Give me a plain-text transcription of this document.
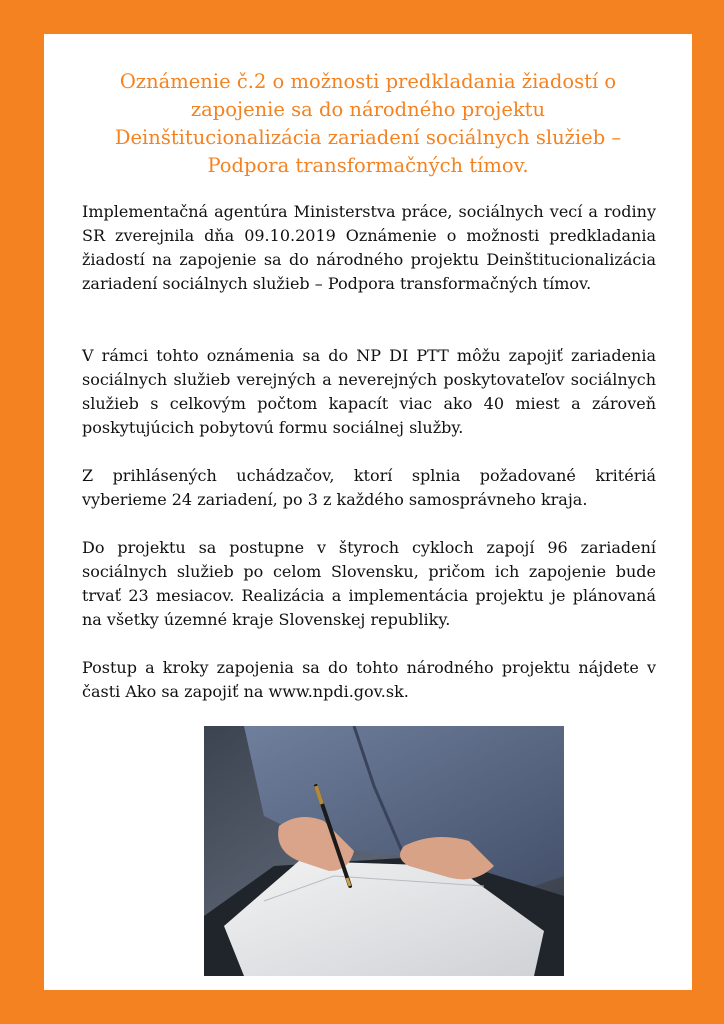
Oznámenie č.2 o možnosti predkladania žiadostí o zapojenie sa do národného projektu Deinštitucionalizácia zariadení sociálnych služieb – Podpora transformačných tímov.

Implementačná agentúra Ministerstva práce, sociálnych vecí a rodiny SR zverejnila dňa 09.10.2019 Oznámenie o možnosti predkladania žiadostí na zapojenie sa do národného projektu Deinštitucionalizácia zariadení sociálnych služieb – Podpora transformačných tímov.

V rámci tohto oznámenia sa do NP DI PTT môžu zapojiť zariadenia sociálnych služieb verejných a neverejných poskytovateľov sociálnych služieb s celkovým počtom kapacít viac ako 40 miest a zároveň poskytujúcich pobytovú formu sociálnej služby.

Z prihlásených uchádzačov, ktorí splnia požadované kritériá vyberieme 24 zariadení, po 3 z každého samosprávneho kraja.

Do projektu sa postupne v štyroch cykloch zapojí 96 zariadení sociálnych služieb po celom Slovensku, pričom ich zapojenie bude trvať 23 mesiacov. Realizácia a implementácia projektu je plánovaná na všetky územné kraje Slovenskej republiky.

Postup a kroky zapojenia sa do tohto národného projektu nájdete v časti Ako sa zapojiť na www.npdi.gov.sk.
